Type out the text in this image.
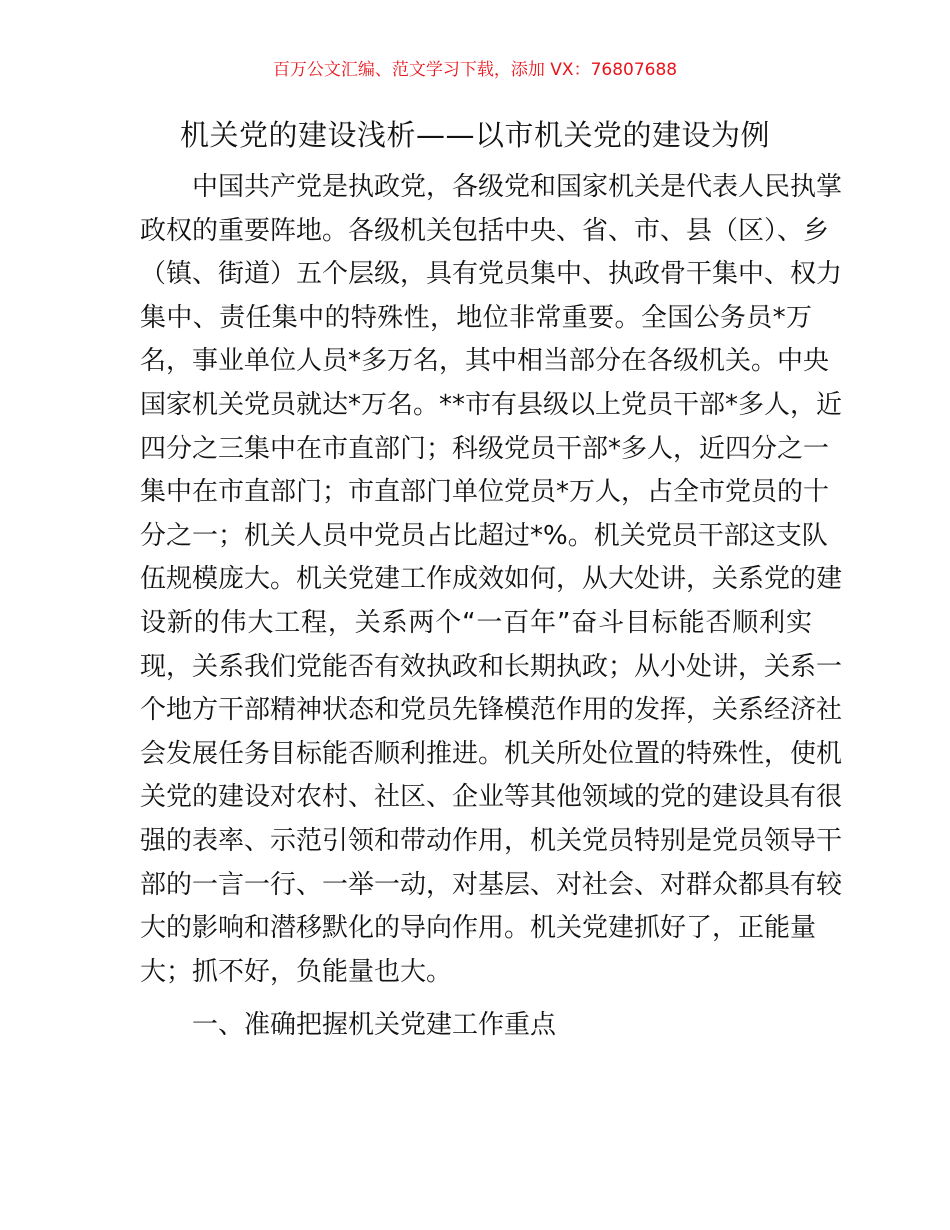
百万公文汇编、范文学习下载，添加 VX：76807688
机关党的建设浅析——以市机关党的建设为例
中国共产党是执政党，各级党和国家机关是代表人民执掌
政权的重要阵地。各级机关包括中央、省、市、县（区）、乡
（镇、街道）五个层级，具有党员集中、执政骨干集中、权力
集中、责任集中的特殊性，地位非常重要。全国公务员*万
名，事业单位人员*多万名，其中相当部分在各级机关。中央
国家机关党员就达*万名。**市有县级以上党员干部*多人，近
四分之三集中在市直部门；科级党员干部*多人，近四分之一
集中在市直部门；市直部门单位党员*万人，占全市党员的十
分之一；机关人员中党员占比超过*%。机关党员干部这支队
伍规模庞大。机关党建工作成效如何，从大处讲，关系党的建
设新的伟大工程，关系两个“一百年”奋斗目标能否顺利实
现，关系我们党能否有效执政和长期执政；从小处讲，关系一
个地方干部精神状态和党员先锋模范作用的发挥，关系经济社
会发展任务目标能否顺利推进。机关所处位置的特殊性，使机
关党的建设对农村、社区、企业等其他领域的党的建设具有很
强的表率、示范引领和带动作用，机关党员特别是党员领导干
部的一言一行、一举一动，对基层、对社会、对群众都具有较
大的影响和潜移默化的导向作用。机关党建抓好了，正能量
大；抓不好，负能量也大。
一、准确把握机关党建工作重点
